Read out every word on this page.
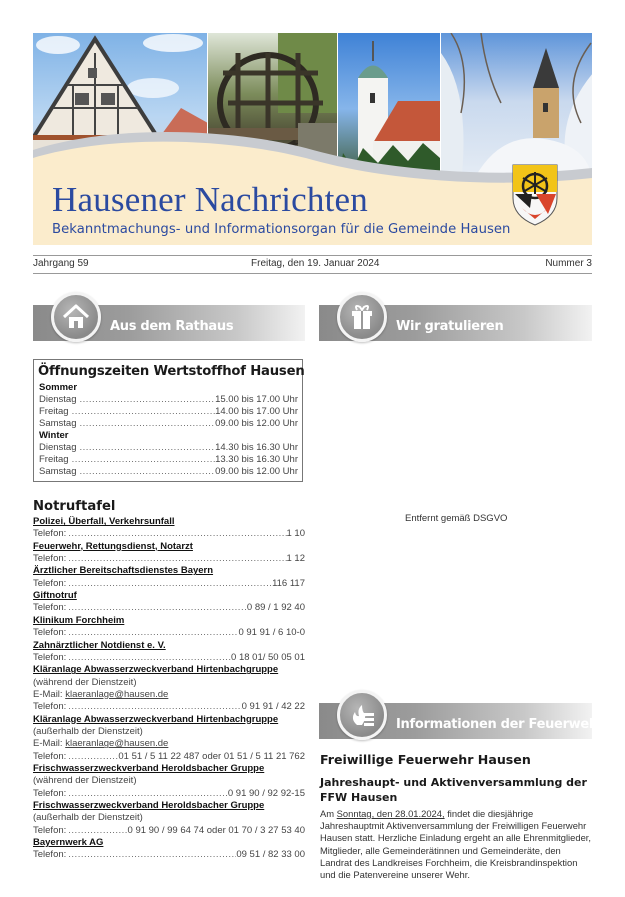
Hausener Nachrichten
Bekanntmachungs- und Informationsorgan für die Gemeinde Hausen
Jahrgang 59	Freitag, den 19. Januar 2024	Nummer 3
Aus dem Rathaus	Wir gratulieren
Informationen der Feuerwehr
Öffnungszeiten Wertstoffhof Hausen
Sommer
Dienstag .....	15.00 bis 17.00 Uhr
Freitag .....	14.00 bis 17.00 Uhr
Samstag .....	09.00 bis 12.00 Uhr
Winter
Dienstag .....	14.30 bis 16.30 Uhr
Freitag .....	13.30 bis 16.30 Uhr
Samstag .....	09.00 bis 12.00 Uhr
Notruftafel
Polizei, Überfall, Verkehrsunfall
Telefon: .....	1 10
Feuerwehr, Rettungsdienst, Notarzt
Telefon: .....	1 12
Ärztlicher Bereitschaftsdienstes Bayern
Telefon: .....	116 117
Giftnotruf
Telefon: .....	0 89 / 1 92 40
Klinikum Forchheim
Telefon: .....	0 91 91 / 6 10-0
Zahnärztlicher Notdienst e. V.
Telefon: .....	0 18 01/ 50 05 01
Kläranlage Abwasserzweckverband Hirtenbachgruppe
(während der Dienstzeit)
E-Mail: klaeranlage@hausen.de
Telefon: .....	0 91 91 / 42 22
Kläranlage Abwasserzweckverband Hirtenbachgruppe
(außerhalb der Dienstzeit)
E-Mail: klaeranlage@hausen.de
Telefon: .....	01 51 / 5 11 22 487 oder 01 51 / 5 11 21 762
Frischwasserzweckverband Heroldsbacher Gruppe
(während der Dienstzeit)
Telefon: .....	0 91 90 / 92 92-15
Frischwasserzweckverband Heroldsbacher Gruppe
(außerhalb der Dienstzeit)
Telefon: .....	0 91 90 / 99 64 74 oder 01 70 / 3 27 53 40
Bayernwerk AG
Telefon: .....	09 51 / 82 33 00
Entfernt gemäß DSGVO
Freiwillige Feuerwehr Hausen
Jahreshaupt- und Aktivenversammlung der FFW Hausen

Am Sonntag, den 28.01.2024, findet die diesjährige Jahreshauptmit Aktivenversammlung der Freiwilligen Feuerwehr Hausen statt. Herzliche Einladung ergeht an alle Ehrenmitglieder, Mitglieder, alle Gemeinderätinnen und Gemeinderäte, den Landrat des Landkreises Forchheim, die Kreisbrandinspektion und die Patenvereine unserer Wehr.
